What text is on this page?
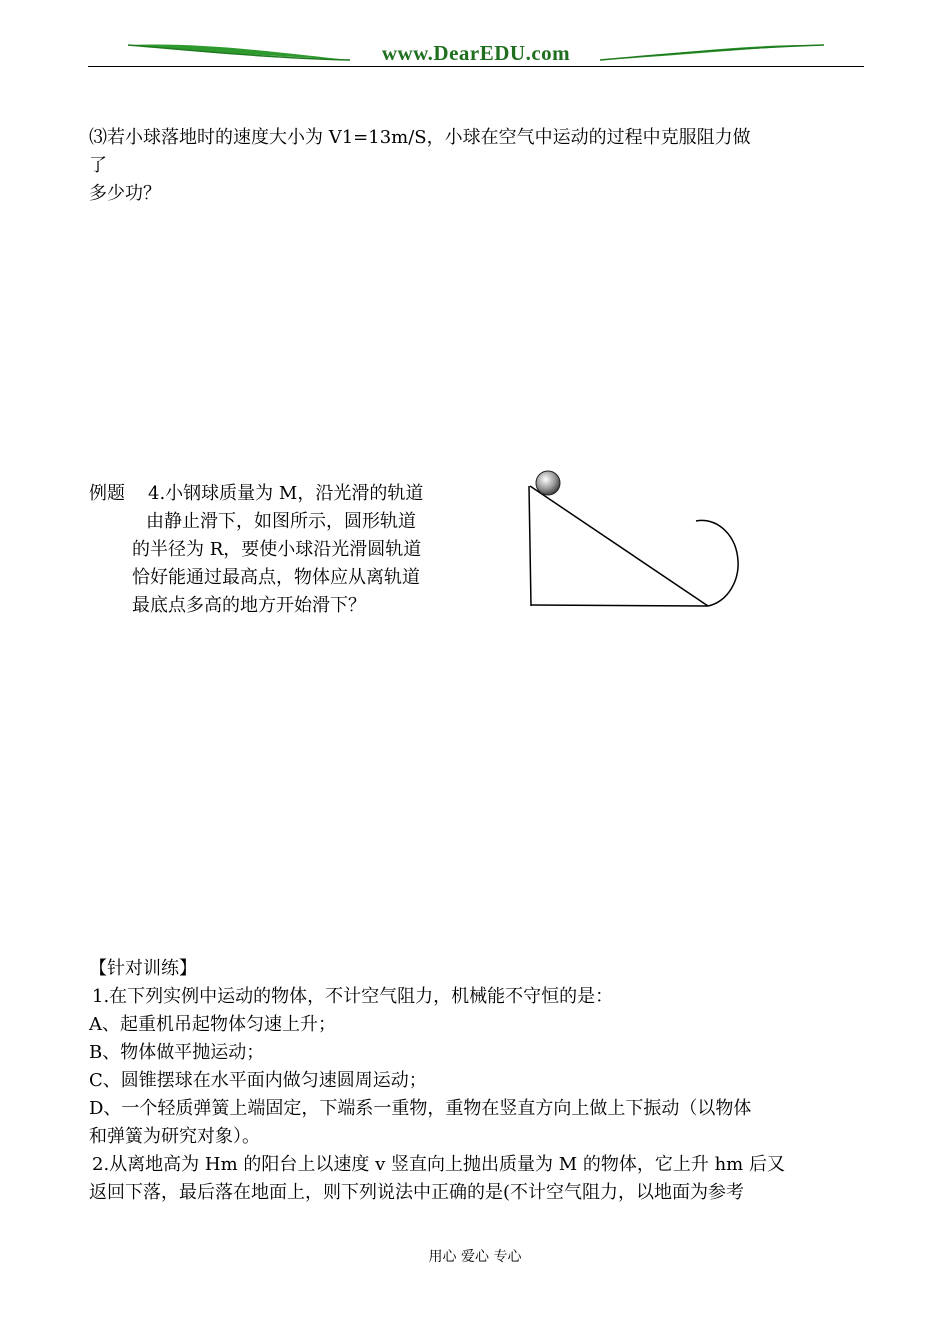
www.DearEDU.com
⑶若小球落地时的速度大小为 V1=13m/S，小球在空气中运动的过程中克服阻力做
了
多少功？
例题 4.小钢球质量为 M，沿光滑的轨道
由静止滑下，如图所示，圆形轨道
的半径为 R，要使小球沿光滑圆轨道
恰好能通过最高点，物体应从离轨道
最底点多高的地方开始滑下？
【针对训练】
1.在下列实例中运动的物体，不计空气阻力，机械能不守恒的是：
A、起重机吊起物体匀速上升；
B、物体做平抛运动；
C、圆锥摆球在水平面内做匀速圆周运动；
D、一个轻质弹簧上端固定，下端系一重物，重物在竖直方向上做上下振动（以物体
和弹簧为研究对象）。
2.从离地高为 Hm 的阳台上以速度 v 竖直向上抛出质量为 M 的物体，它上升 hm 后又
返回下落，最后落在地面上，则下列说法中正确的是(不计空气阻力，以地面为参考
用心 爱心 专心
